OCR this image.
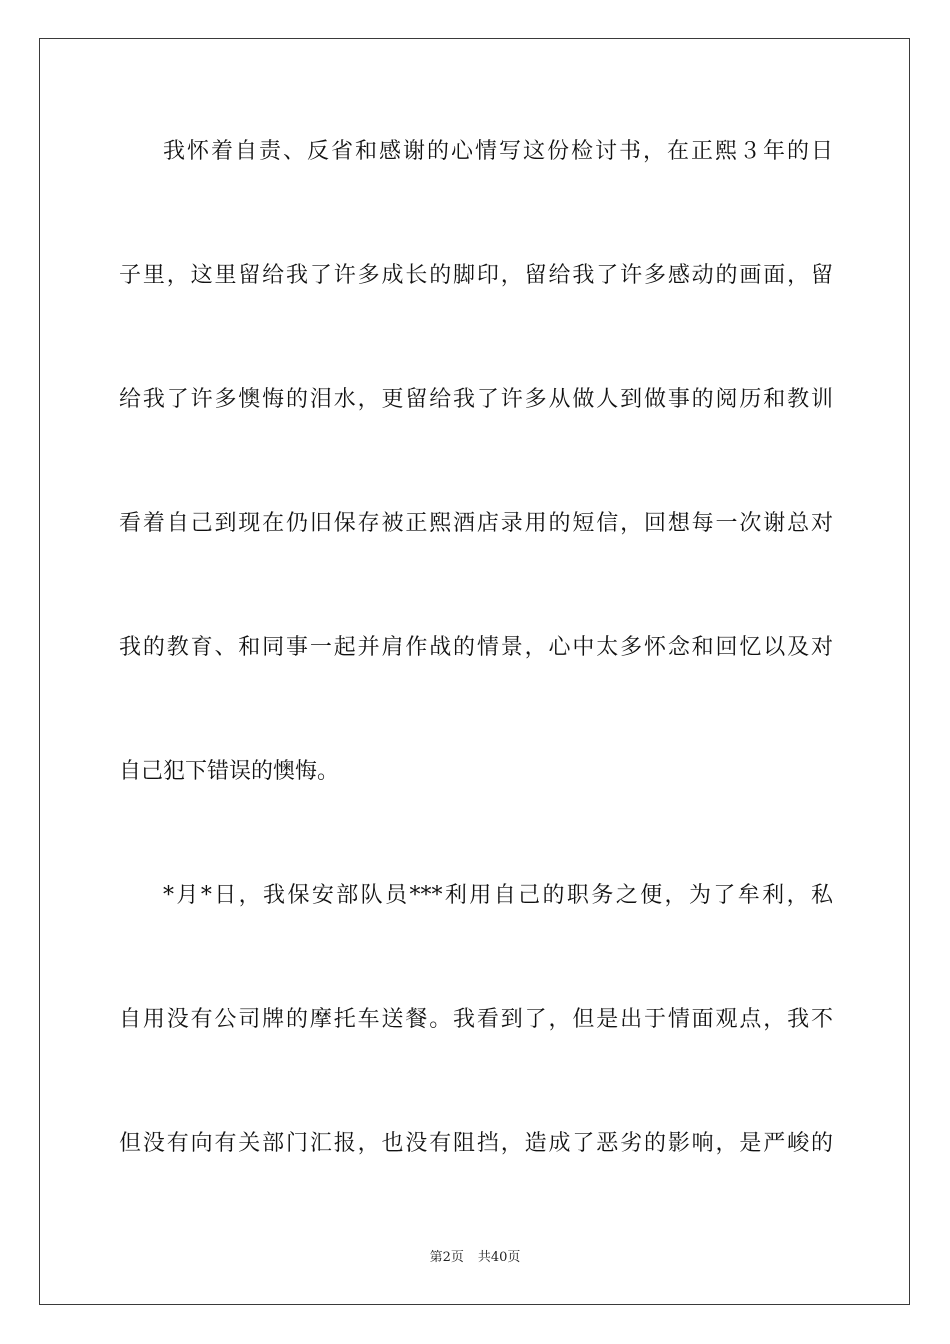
我怀着自责、反省和感谢的心情写这份检讨书，在正熙３年的日
子里，这里留给我了许多成长的脚印，留给我了许多感动的画面，留
给我了许多懊悔的泪水，更留给我了许多从做人到做事的阅历和教训
看着自己到现在仍旧保存被正熙酒店录用的短信，回想每一次谢总对
我的教育、和同事一起并肩作战的情景，心中太多怀念和回忆以及对
自己犯下错误的懊悔。
*月*日，我保安部队员***利用自己的职务之便，为了牟利，私
自用没有公司牌的摩托车送餐。我看到了，但是出于情面观点，我不
但没有向有关部门汇报，也没有阻挡，造成了恶劣的影响，是严峻的
第2页 共40页
